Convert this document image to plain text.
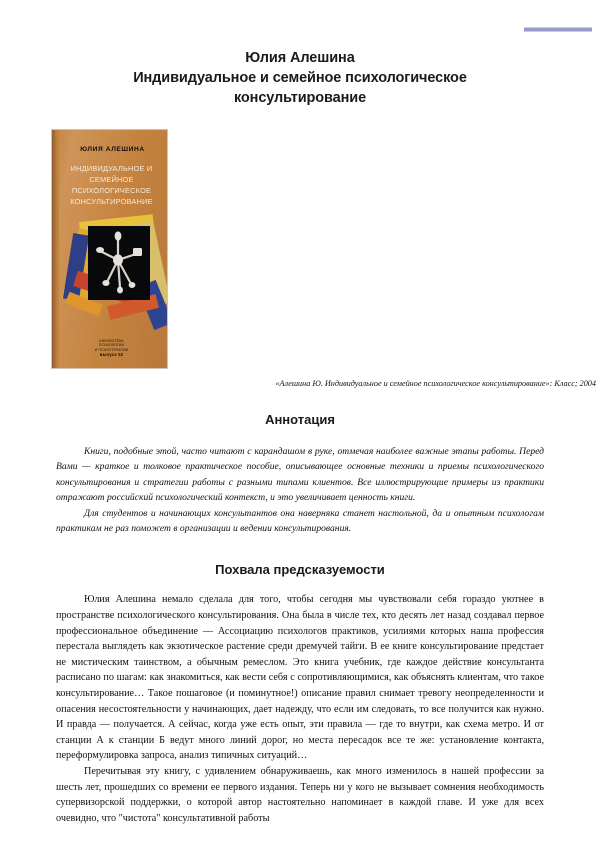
Юлия Алешина
Индивидуальное и семейное психологическое
консультирование
ЮЛИЯ АЛЕШИНА
ИНДИВИДУАЛЬНОЕ И СЕМЕЙНОЕ
ПСИХОЛОГИЧЕСКОЕ
КОНСУЛЬТИРОВАНИЕ
БИБЛИОТЕКА
ПСИХОЛОГИИ
И ПСИХОТЕРАПИИ
выпуск 52
«Алешина Ю. Индивидуальное и семейное психологическое консультирование»: Класс; 2004
Аннотация

Книги, подобные этой, часто читают с карандашом в руке, отмечая наиболее важные этапы работы. Перед Вами — краткое и толковое практическое пособие, описывающее основные техники и приемы психологического консультирования и стратегии работы с разными типами клиентов. Все иллюстрирующие примеры из практики отражают российский психологический контекст, и это увеличивает ценность книги.

Для студентов и начинающих консультантов она наверняка станет настольной, да и опытным психологам практикам не раз поможет в организации и ведении консультирования.

Похвала предсказуемости

Юлия Алешина немало сделала для того, чтобы сегодня мы чувствовали себя гораздо уютнее в пространстве психологического консультирования. Она была в числе тех, кто десять лет назад создавал первое профессиональное объединение — Ассоциацию психологов практиков, усилиями которых наша профессия перестала выглядеть как экзотическое растение среди дремучей тайги. В ее книге консультирование предстает не мистическим таинством, а обычным ремеслом. Это книга учебник, где каждое действие консультанта расписано по шагам: как знакомиться, как вести себя с сопротивляющимися, как объяснять клиентам, что такое консультирование… Такое пошаговое (и поминутное!) описание правил снимает тревогу неопределенности и опасения несостоятельности у начинающих, дает надежду, что если им следовать, то все получится как нужно. И правда — получается. А сейчас, когда уже есть опыт, эти правила — где то внутри, как схема метро. И от станции А к станции Б ведут много линий дорог, но места пересадок все те же: установление контакта, переформулировка запроса, анализ типичных ситуаций…

Перечитывая эту книгу, с удивлением обнаруживаешь, как много изменилось в нашей профессии за шесть лет, прошедших со времени ее первого издания. Теперь ни у кого не вызывает сомнения необходимость супервизорской поддержки, о которой автор настоятельно напоминает в каждой главе. И уже для всех очевидно, что "чистота" консультативной работы
